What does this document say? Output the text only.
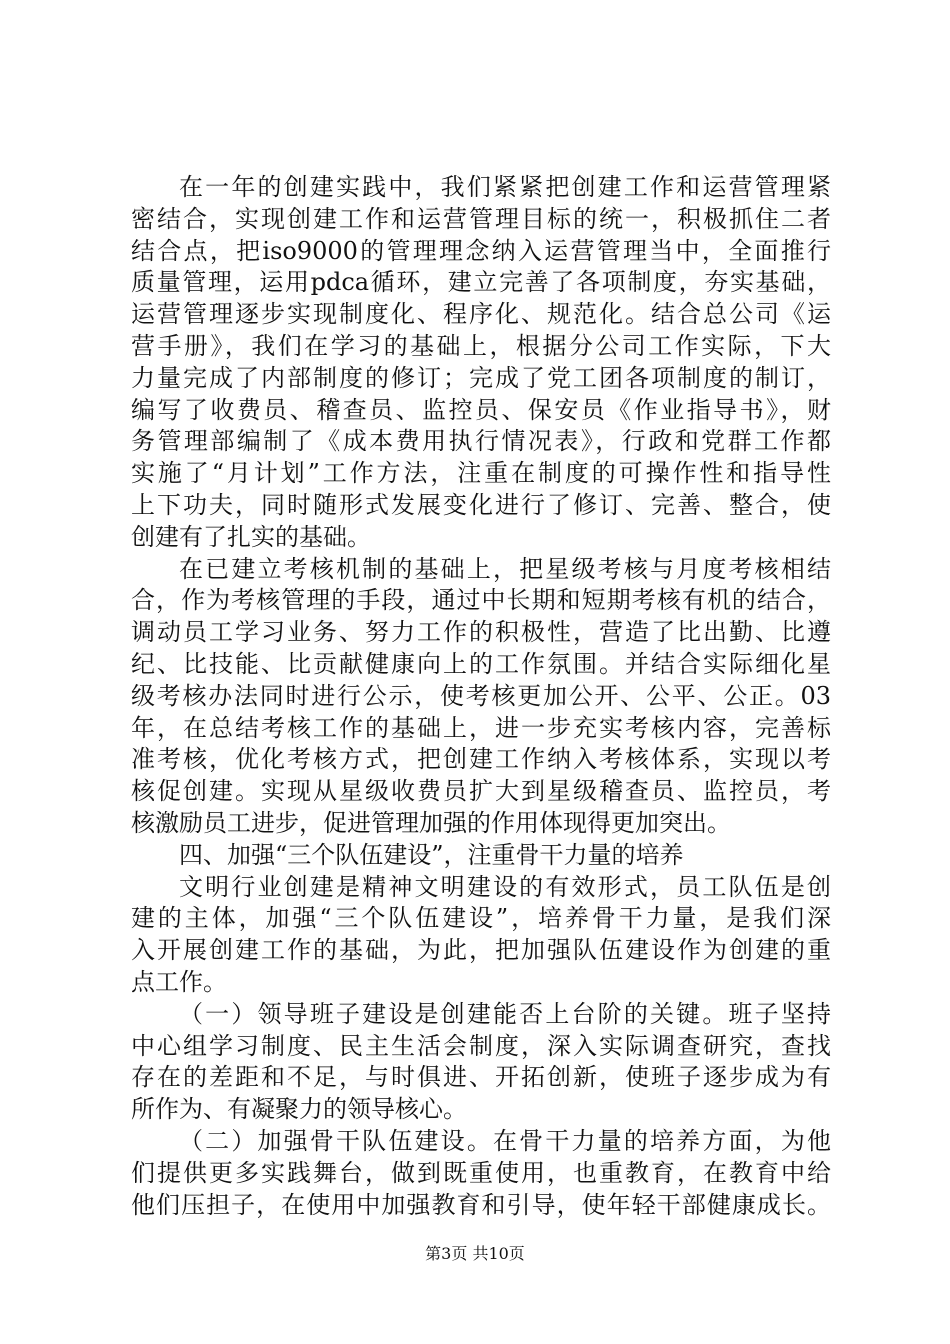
在一年的创建实践中，我们紧紧把创建工作和运营管理紧
密结合，实现创建工作和运营管理目标的统一，积极抓住二者
结合点，把iso9000的管理理念纳入运营管理当中，全面推行
质量管理，运用pdca循环，建立完善了各项制度，夯实基础，
运营管理逐步实现制度化、程序化、规范化。结合总公司《运
营手册》，我们在学习的基础上，根据分公司工作实际，下大
力量完成了内部制度的修订；完成了党工团各项制度的制订，
编写了收费员、稽查员、监控员、保安员《作业指导书》，财
务管理部编制了《成本费用执行情况表》，行政和党群工作都
实施了“月计划”工作方法，注重在制度的可操作性和指导性
上下功夫，同时随形式发展变化进行了修订、完善、整合，使
创建有了扎实的基础。
在已建立考核机制的基础上，把星级考核与月度考核相结
合，作为考核管理的手段，通过中长期和短期考核有机的结合，
调动员工学习业务、努力工作的积极性，营造了比出勤、比遵
纪、比技能、比贡献健康向上的工作氛围。并结合实际细化星
级考核办法同时进行公示，使考核更加公开、公平、公正。03
年，在总结考核工作的基础上，进一步充实考核内容，完善标
准考核，优化考核方式，把创建工作纳入考核体系，实现以考
核促创建。实现从星级收费员扩大到星级稽查员、监控员，考
核激励员工进步，促进管理加强的作用体现得更加突出。
四、加强“三个队伍建设”，注重骨干力量的培养
文明行业创建是精神文明建设的有效形式，员工队伍是创
建的主体，加强“三个队伍建设”，培养骨干力量，是我们深
入开展创建工作的基础，为此，把加强队伍建设作为创建的重
点工作。
（一）领导班子建设是创建能否上台阶的关键。班子坚持
中心组学习制度、民主生活会制度，深入实际调查研究，查找
存在的差距和不足，与时俱进、开拓创新，使班子逐步成为有
所作为、有凝聚力的领导核心。
（二）加强骨干队伍建设。在骨干力量的培养方面，为他
们提供更多实践舞台，做到既重使用，也重教育，在教育中给
他们压担子，在使用中加强教育和引导，使年轻干部健康成长。
第3页 共10页
